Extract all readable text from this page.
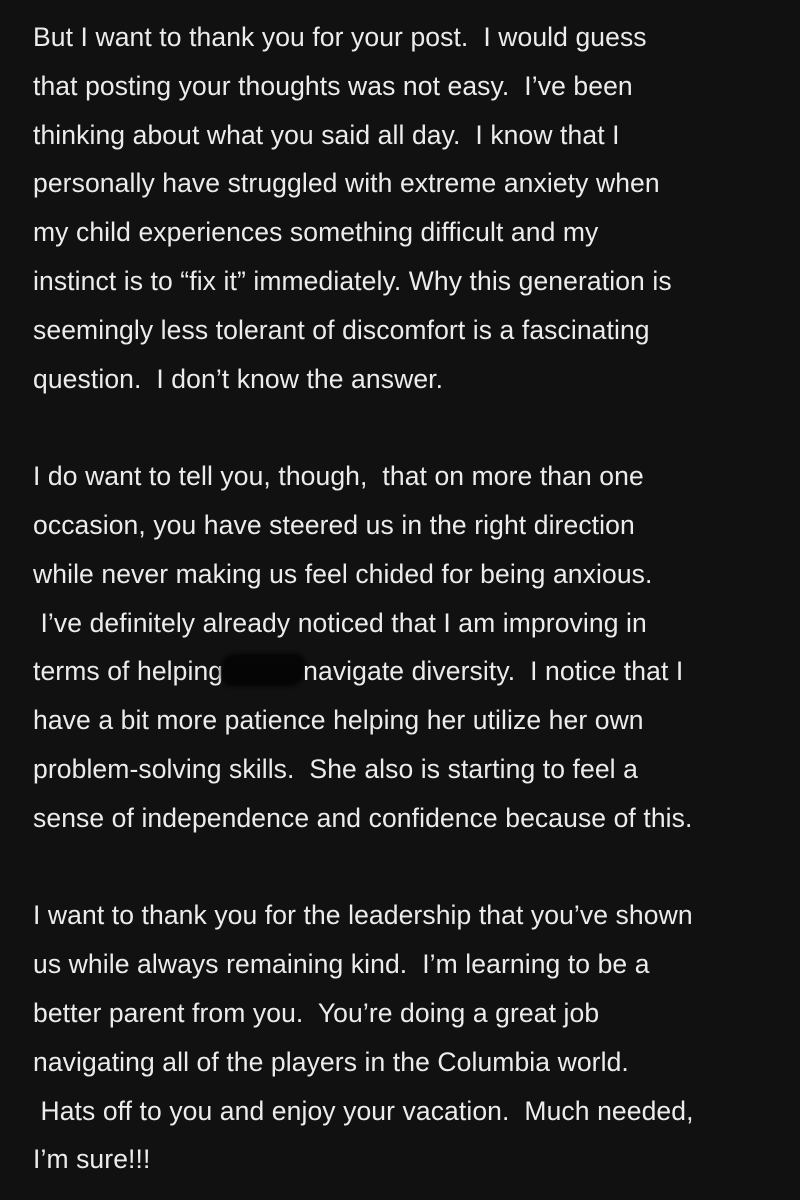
But I want to thank you for your post.  I would guess
that posting your thoughts was not easy.  I’ve been
thinking about what you said all day.  I know that I
personally have struggled with extreme anxiety when
my child experiences something difficult and my
instinct is to “fix it” immediately. Why this generation is
seemingly less tolerant of discomfort is a fascinating
question.  I don’t know the answer.
I do want to tell you, though,  that on more than one
occasion, you have steered us in the right direction
while never making us feel chided for being anxious.
I’ve definitely already noticed that I am improving in
terms of helping	navigate diversity.  I notice that I
have a bit more patience helping her utilize her own
problem-solving skills.  She also is starting to feel a
sense of independence and confidence because of this.
I want to thank you for the leadership that you’ve shown
us while always remaining kind.  I’m learning to be a
better parent from you.  You’re doing a great job
navigating all of the players in the Columbia world.
Hats off to you and enjoy your vacation.  Much needed,
I’m sure!!!
